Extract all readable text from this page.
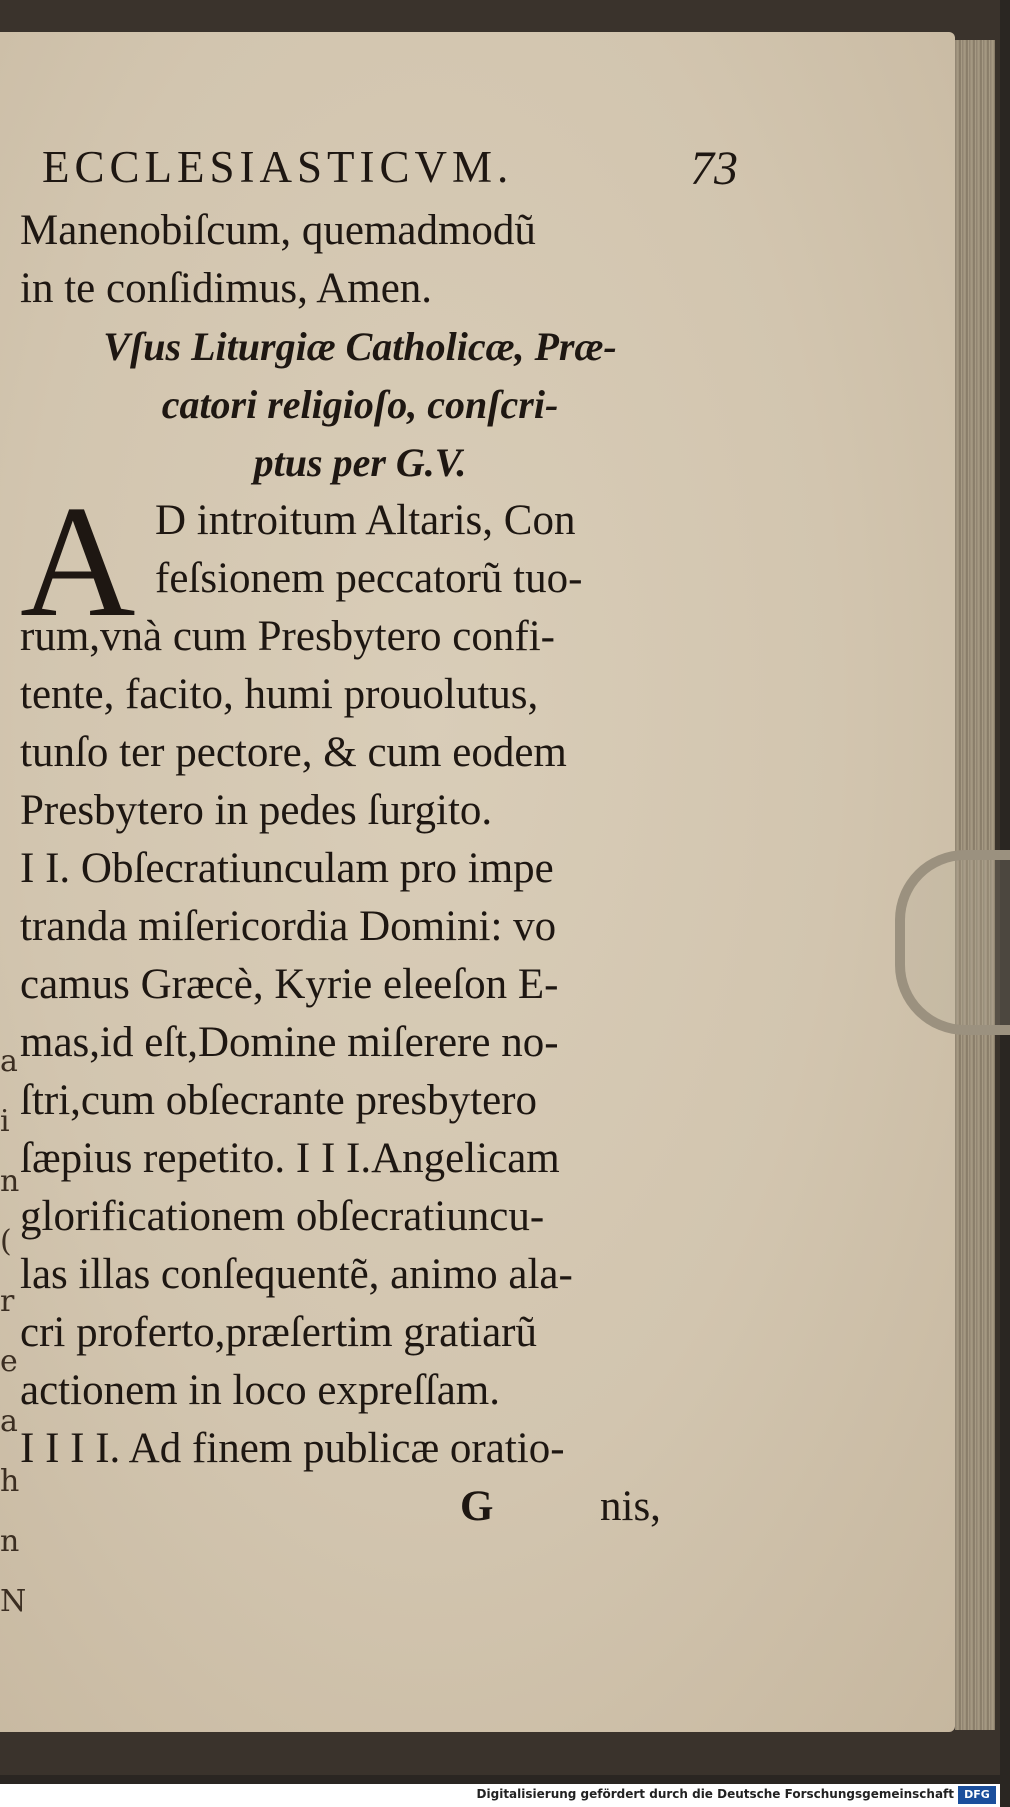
a
i
n
(
r
e
a
h
n
N
ECCLESIASTICVM.	73
Manenobiſcum, quemadmodũ
in te conſidimus, Amen.
Vſus Liturgiæ Catholicæ, Præ-
catori religioſo, conſcri-
ptus per G.V.
A D introitum Altaris, Con
feſsionem peccatorũ tuo-
rum,vnà cum Presbytero confi-
tente, facito, humi prouolutus,
tunſo ter pectore, & cum eodem
Presbytero in pedes ſurgito.
I I. Obſecratiunculam pro impe
tranda miſericordia Domini: vo
camus Græcè, Kyrie eleeſon E-
mas,id eſt,Domine miſerere no-
ſtri,cum obſecrante presbytero
ſæpius repetito. I I I.Angelicam
glorificationem obſecratiuncu-
las illas conſequentẽ, animo ala-
cri proferto,præſertim gratiarũ
actionem in loco expreſſam.
I I I I. Ad finem publicæ oratio-
G nis,
Digitalisierung gefördert durch die Deutsche Forschungsgemeinschaft DFG
